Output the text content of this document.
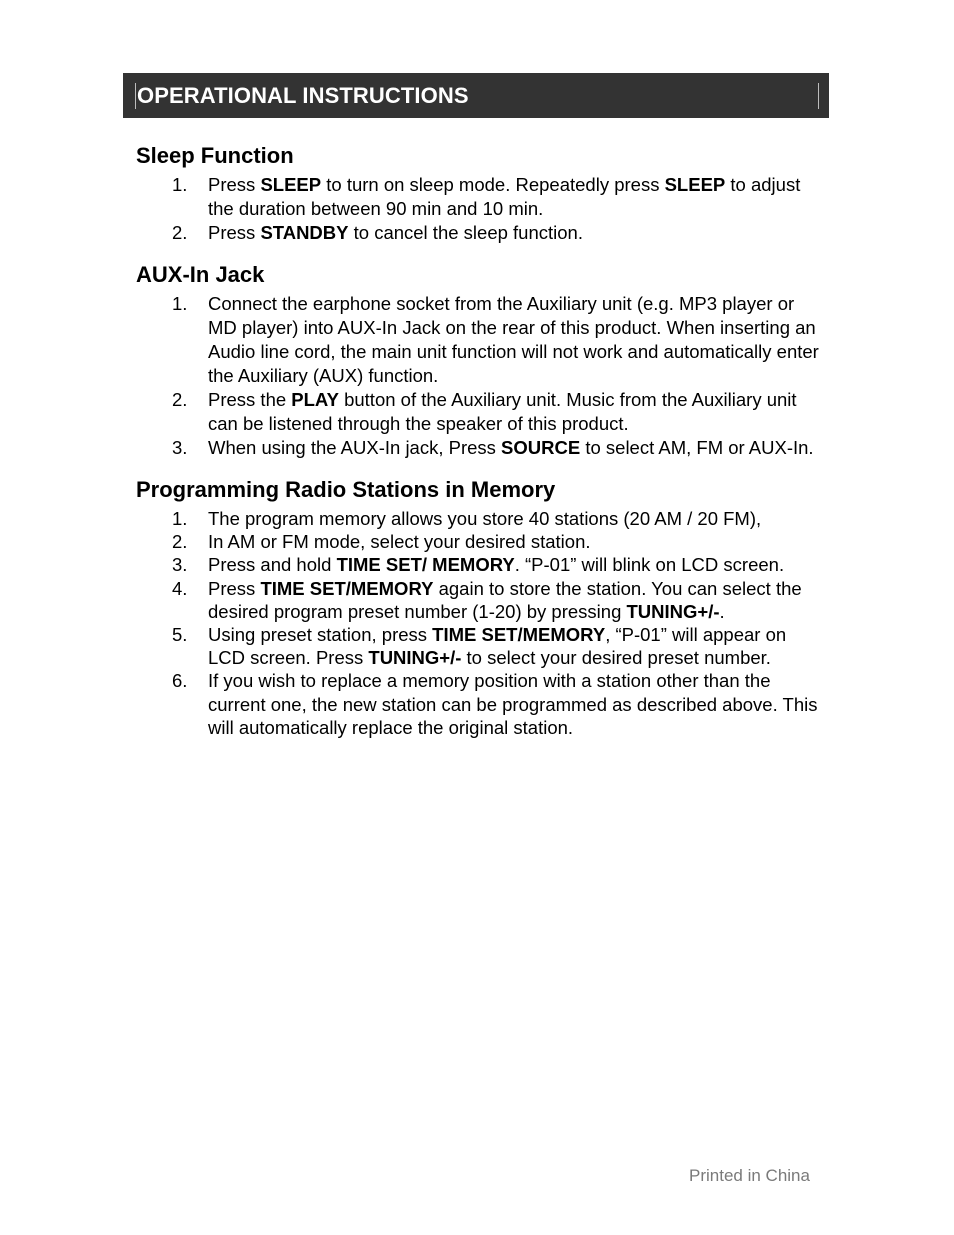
OPERATIONAL INSTRUCTIONS
Sleep Function
1. Press SLEEP to turn on sleep mode. Repeatedly press SLEEP to adjust the duration between 90 min and 10 min.
2. Press STANDBY to cancel the sleep function.
AUX-In Jack
1. Connect the earphone socket from the Auxiliary unit (e.g. MP3 player or MD player) into AUX-In Jack on the rear of this product. When inserting an Audio line cord, the main unit function will not work and automatically enter the Auxiliary (AUX) function.
2. Press the PLAY button of the Auxiliary unit. Music from the Auxiliary unit can be listened through the speaker of this product.
3. When using the AUX-In jack, Press SOURCE to select AM, FM or AUX-In.
Programming Radio Stations in Memory
1. The program memory allows you store 40 stations (20 AM / 20 FM),
2. In AM or FM mode, select your desired station.
3. Press and hold TIME SET/ MEMORY. “P-01” will blink on LCD screen.
4. Press TIME SET/MEMORY again to store the station. You can select the desired program preset number (1-20) by pressing TUNING+/-.
5. Using preset station, press TIME SET/MEMORY, “P-01” will appear on LCD screen. Press TUNING+/- to select your desired preset number.
6. If you wish to replace a memory position with a station other than the current one, the new station can be programmed as described above. This will automatically replace the original station.
Printed in China
